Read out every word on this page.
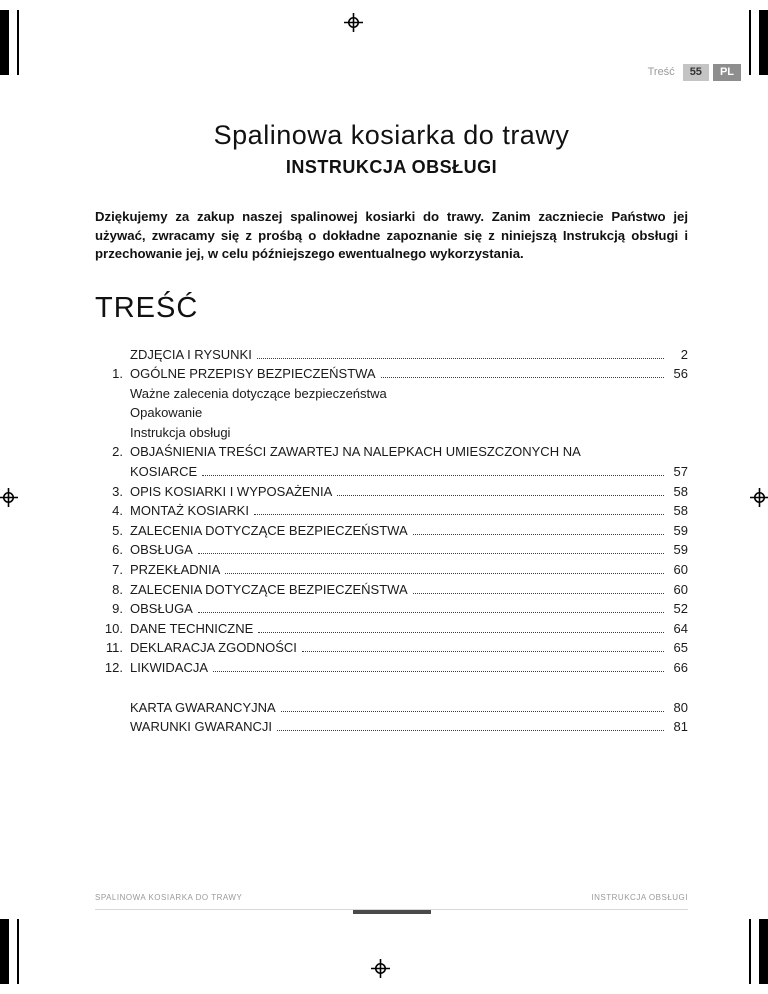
Treść	55	PL
Spalinowa kosiarka do trawy
INSTRUKCJA OBSŁUGI

Dziękujemy za zakup naszej spalinowej kosiarki do trawy. Zanim zaczniecie Państwo jej używać, zwracamy się z prośbą o dokładne zapoznanie się z niniejszą Instrukcją obsługi i przechowanie jej, w celu późniejszego ewentualnego wykorzystania.

TREŚĆ
ZDJĘCIA I RYSUNKI	2
1. OGÓLNE PRZEPISY BEZPIECZEŃSTWA	56
Ważne zalecenia dotyczące bezpieczeństwa
Opakowanie
Instrukcja obsługi
2. OBJAŚNIENIA TREŚCI ZAWARTEJ NA NALEPKACH UMIESZCZONYCH NA
KOSIARCE	57
3. OPIS KOSIARKI I WYPOSAŻENIA	58
4. MONTAŻ KOSIARKI	58
5. ZALECENIA DOTYCZĄCE BEZPIECZEŃSTWA	59
6. OBSŁUGA	59
7. PRZEKŁADNIA	60
8. ZALECENIA DOTYCZĄCE BEZPIECZEŃSTWA	60
9. OBSŁUGA	52
10. DANE TECHNICZNE	64
11. DEKLARACJA ZGODNOŚCI	65
12. LIKWIDACJA	66
KARTA GWARANCYJNA	80
WARUNKI GWARANCJI	81
SPALINOWA KOSIARKA DO TRAWY	INSTRUKCJA OBSŁUGI
